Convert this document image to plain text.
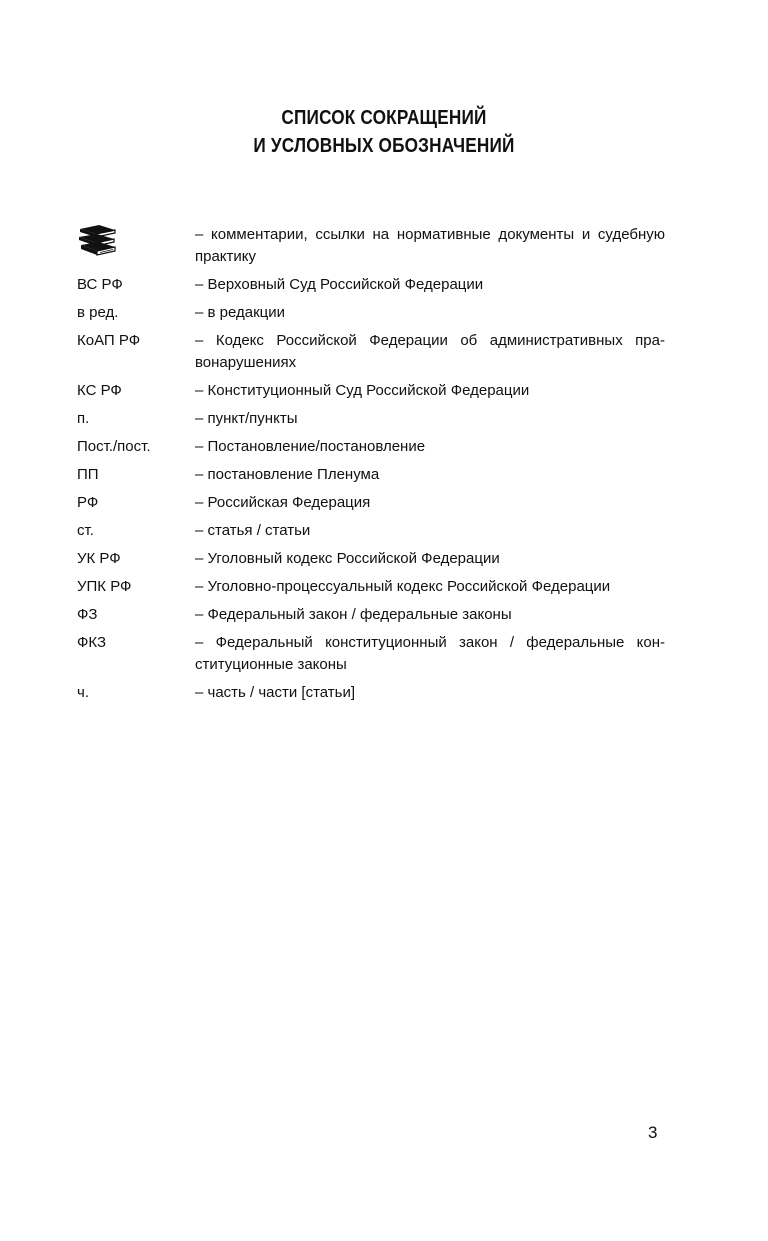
СПИСОК СОКРАЩЕНИЙ
И УСЛОВНЫХ ОБОЗНАЧЕНИЙ
– комментарии, ссылки на нормативные документы и судебную практику
ВС РФ	– Верховный Суд Российской Федерации
в ред.	– в редакции
КоАП РФ	– Кодекс Российской Федерации об административных правонарушениях
КС РФ	– Конституционный Суд Российской Федерации
п.	– пункт/пункты
Пост./пост.	– Постановление/постановление
ПП	– постановление Пленума
РФ	– Российская Федерация
ст.	– статья / статьи
УК РФ	– Уголовный кодекс Российской Федерации
УПК РФ	– Уголовно-процессуальный кодекс Российской Федерации
ФЗ	– Федеральный закон / федеральные законы
ФКЗ	– Федеральный конституционный закон / федеральные конституционные законы
ч.	– часть / части [статьи]
3
